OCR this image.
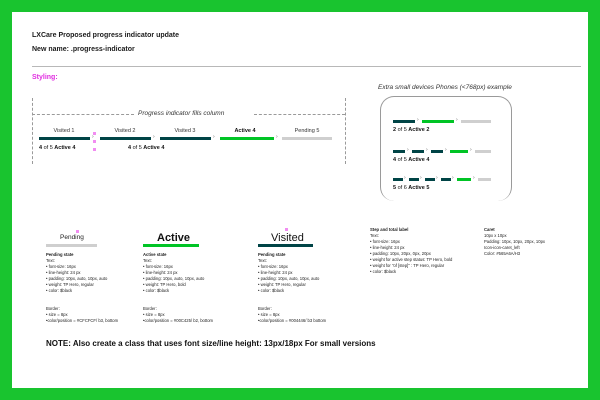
LXCare Proposed progress indicator update
New name: .progress-indicator
Styling:
Progress indicator fills column
Visited 1	Visited 2	Visited 3	Active 4	Pending 5
›	›	›	›
4 of 5 Active 4	4 of 5 Active 4
Extra small devices Phones (<768px) example
›	›
2 of 5 Active 2
›	›	›	›
4 of 5 Active 4
›	›	›	›	›
5 of 6 Active 5
Pending	Active	Visited
Pending state
Text:
• font-size: 16px
• line-height: 24 px
• padding: 10px, auto, 10px, auto
• weight: TP Hero, regular
• color: $black
Border:
• size = 8px
•color/position = #CFCFCF/ b3, bottom
Active state
Text:
• font-size: 16px
• line-height: 24 px
• padding: 10px, auto, 10px, auto
• weight: TP Hero, bold
• color: $black
Border:
• size = 8px
•color/position = #00C425/ b2, bottom
Pending state
Text:
• font-size: 16px
• line-height: 24 px
• padding: 10px, auto, 10px, auto
• weight: TP Hero, regular
• color: $black
Border:
• size = 8px
•color/position = #004446/ b3 bottom
Step and total label
Text:
• font-size: 16px
• line-height: 24 px
• padding: 10px, 20px, 0px, 20px
• weight for active step status: TP Hero, bold
• weight for "of [step]" : TP Hero, regular
• color: $black
Caret
10px x 10px
Padding: 10px, 10px, 20px, 10px
Icon-icon-caret_left
Color: #565A6A/H3
NOTE: Also create a class that uses font size/line height: 13px/18px For small versions
